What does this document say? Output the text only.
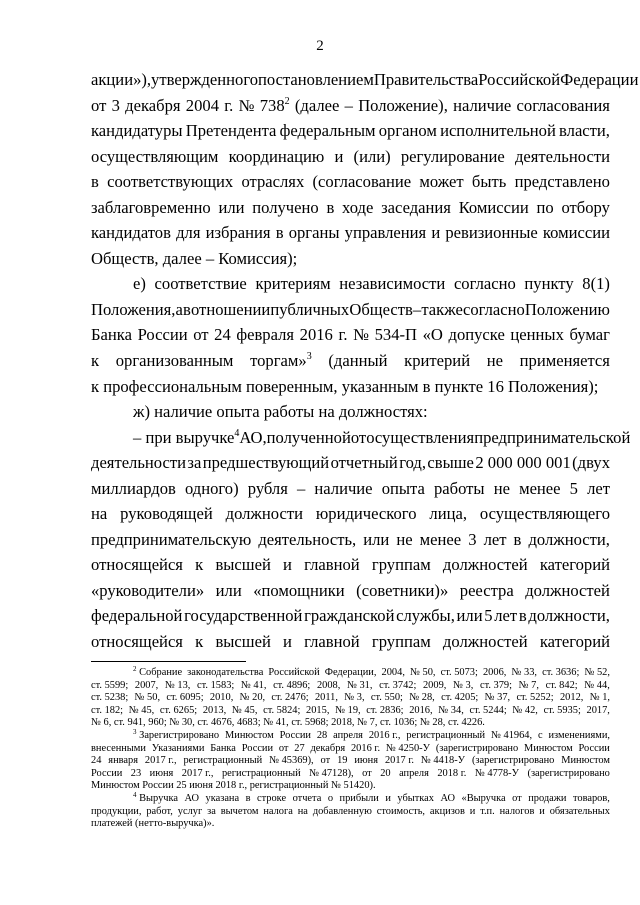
2
акции»), утвержденного постановлением Правительства Российской Федерации
от 3 декабря 2004 г. № $738^2$ (далее – Положение), наличие согласования
кандидатуры Претендента федеральным органом исполнительной власти,
осуществляющим координацию и (или) регулирование деятельности
в соответствующих отраслях (согласование может быть представлено
заблаговременно или получено в ходе заседания Комиссии по отбору
кандидатов для избрания в органы управления и ревизионные комиссии
Обществ, далее – Комиссия);
е) соответствие критериям независимости согласно пункту 8(1)
Положения, а в отношении публичных Обществ – также согласно Положению
Банка России от 24 февраля 2016 г. № 534-П «О допуске ценных бумаг
к организованным торгам»$^3$ (данный критерий не применяется
к профессиональным поверенным, указанным в пункте 16 Положения);
ж) наличие опыта работы на должностях:
– при выручке$^4$ АО, полученной от осуществления предпринимательской
деятельности за предшествующий отчетный год, свыше 2 000 000 001 (двух
миллиардов одного) рубля – наличие опыта работы не менее 5 лет
на руководящей должности юридического лица, осуществляющего
предпринимательскую деятельность, или не менее 3 лет в должности,
относящейся к высшей и главной группам должностей категорий
«руководители» или «помощники (советники)» реестра должностей
федеральной государственной гражданской службы, или 5 лет в должности,
относящейся к высшей и главной группам должностей категорий
$^2$ Собрание законодательства Российской Федерации, 2004, № 50, ст. 5073; 2006, № 33, ст. 3636; № 52,
ст. 5599; 2007, № 13, ст. 1583; № 41, ст. 4896; 2008, № 31, ст. 3742; 2009, № 3, ст. 379; № 7, ст. 842; № 44,
ст. 5238; № 50, ст. 6095; 2010, № 20, ст. 2476; 2011, № 3, ст. 550; № 28, ст. 4205; № 37, ст. 5252; 2012, № 1,
ст. 182; № 45, ст. 6265; 2013, № 45, ст. 5824; 2015, № 19, ст. 2836; 2016, № 34, ст. 5244; № 42, ст. 5935; 2017,
№ 6, ст. 941, 960; № 30, ст. 4676, 4683; № 41, ст. 5968; 2018, № 7, ст. 1036; № 28, ст. 4226.
$^3$ Зарегистрировано Минюстом России 28 апреля 2016 г., регистрационный № 41964, с изменениями,
внесенными Указаниями Банка России от 27 декабря 2016 г. № 4250-У (зарегистрировано Минюстом России
24 января 2017 г., регистрационный № 45369), от 19 июня 2017 г. № 4418-У (зарегистрировано Минюстом
России 23 июня 2017 г., регистрационный № 47128), от 20 апреля 2018 г. № 4778-У (зарегистрировано
Минюстом России 25 июня 2018 г., регистрационный № 51420).
$^4$ Выручка АО указана в строке отчета о прибыли и убытках АО «Выручка от продажи товаров,
продукции, работ, услуг за вычетом налога на добавленную стоимость, акцизов и т.п. налогов и обязательных
платежей (нетто-выручка)».
